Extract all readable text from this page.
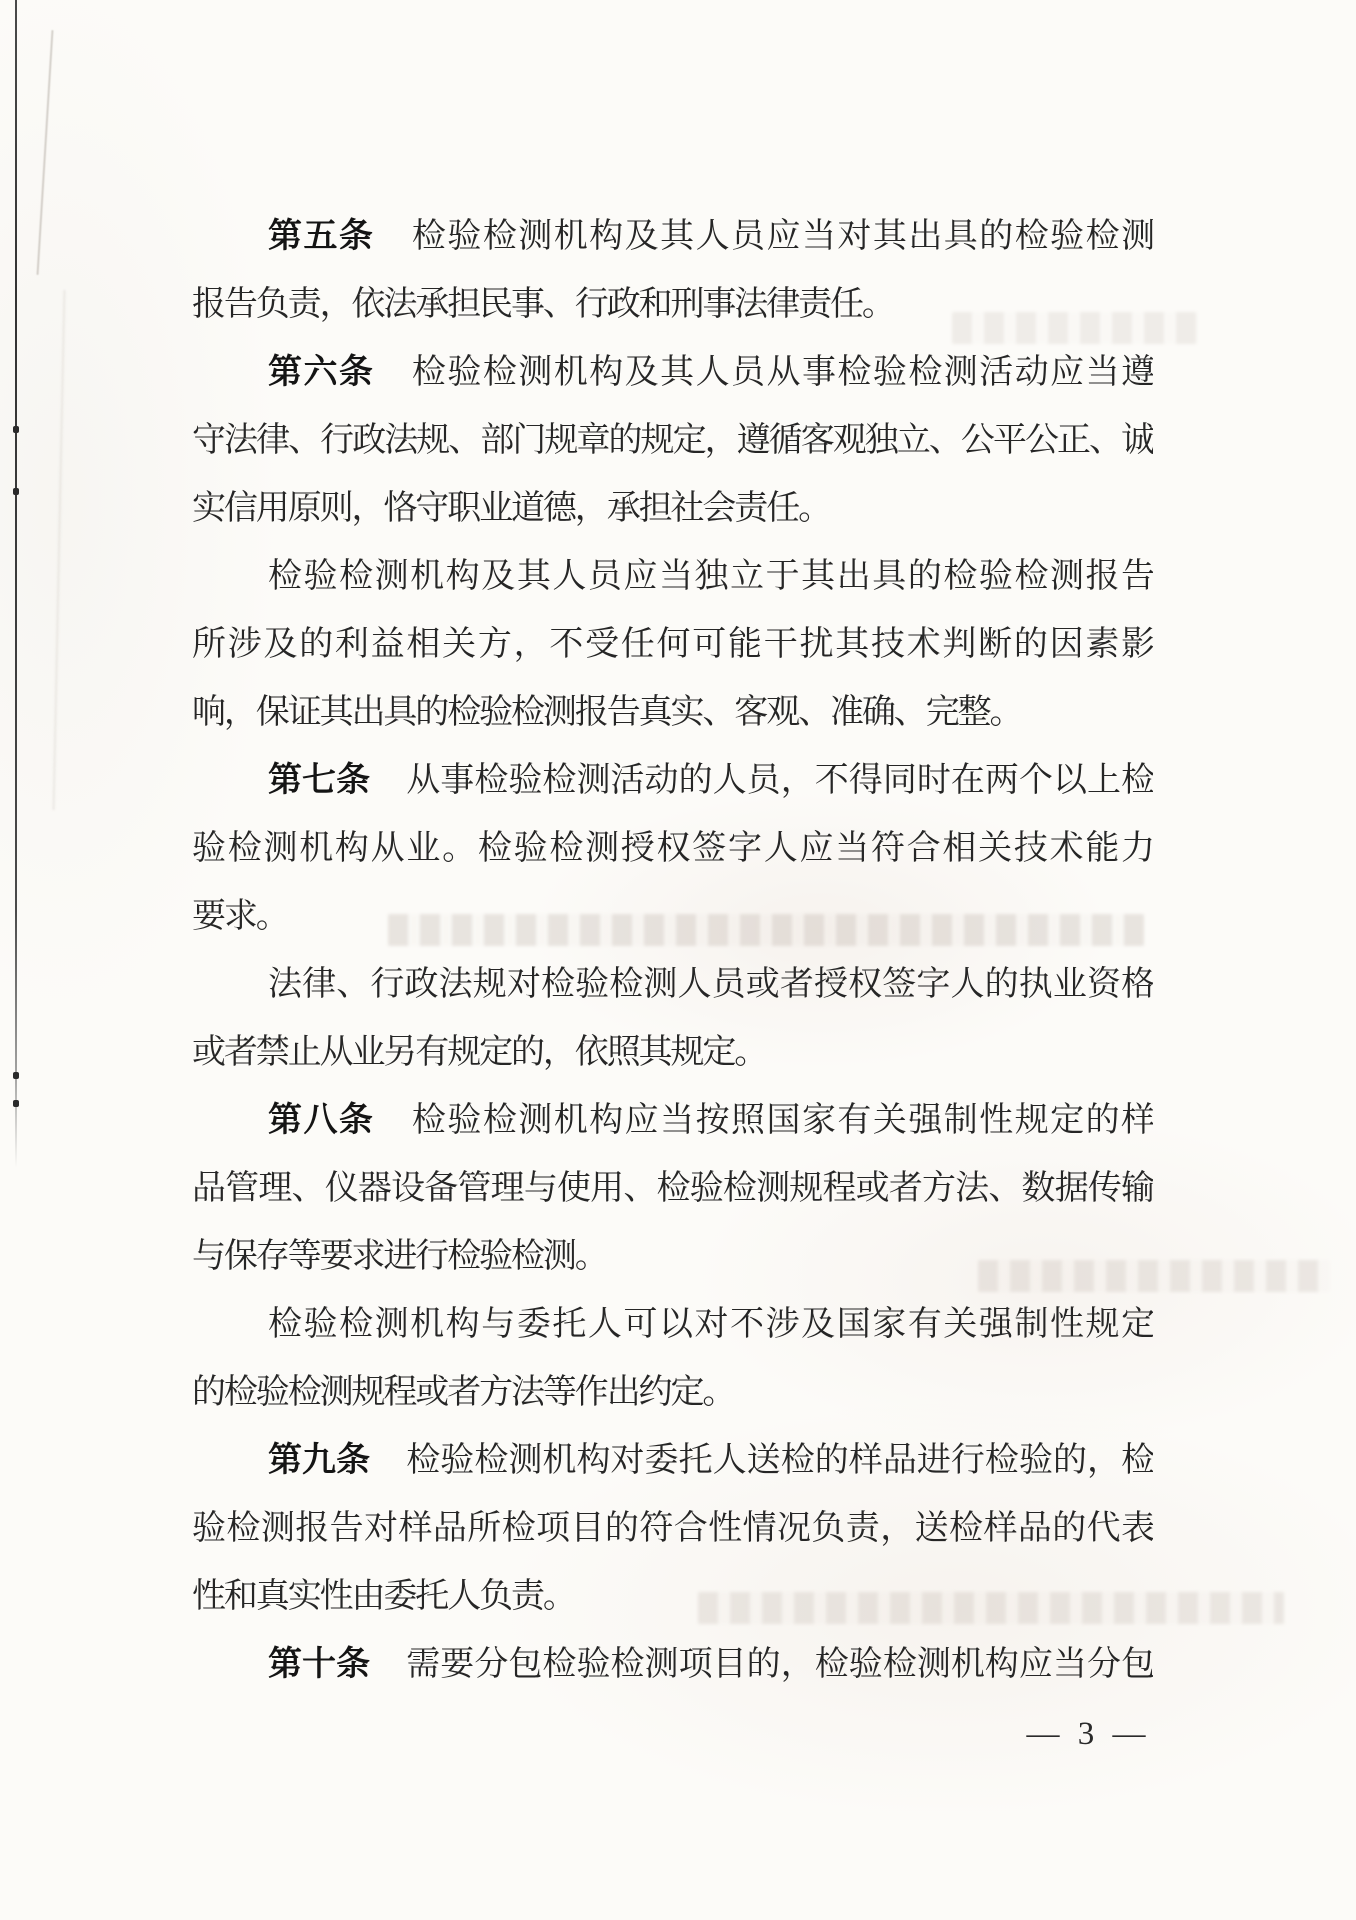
第五条 检验检测机构及其人员应当对其出具的检验检测
报告负责，依法承担民事、行政和刑事法律责任。
第六条 检验检测机构及其人员从事检验检测活动应当遵
守法律、行政法规、部门规章的规定，遵循客观独立、公平公正、诚
实信用原则，恪守职业道德，承担社会责任。
检验检测机构及其人员应当独立于其出具的检验检测报告
所涉及的利益相关方，不受任何可能干扰其技术判断的因素影
响，保证其出具的检验检测报告真实、客观、准确、完整。
第七条 从事检验检测活动的人员，不得同时在两个以上检
验检测机构从业。检验检测授权签字人应当符合相关技术能力
要求。
法律、行政法规对检验检测人员或者授权签字人的执业资格
或者禁止从业另有规定的，依照其规定。
第八条 检验检测机构应当按照国家有关强制性规定的样
品管理、仪器设备管理与使用、检验检测规程或者方法、数据传输
与保存等要求进行检验检测。
检验检测机构与委托人可以对不涉及国家有关强制性规定
的检验检测规程或者方法等作出约定。
第九条 检验检测机构对委托人送检的样品进行检验的，检
验检测报告对样品所检项目的符合性情况负责，送检样品的代表
性和真实性由委托人负责。
第十条 需要分包检验检测项目的，检验检测机构应当分包
— 3 —
